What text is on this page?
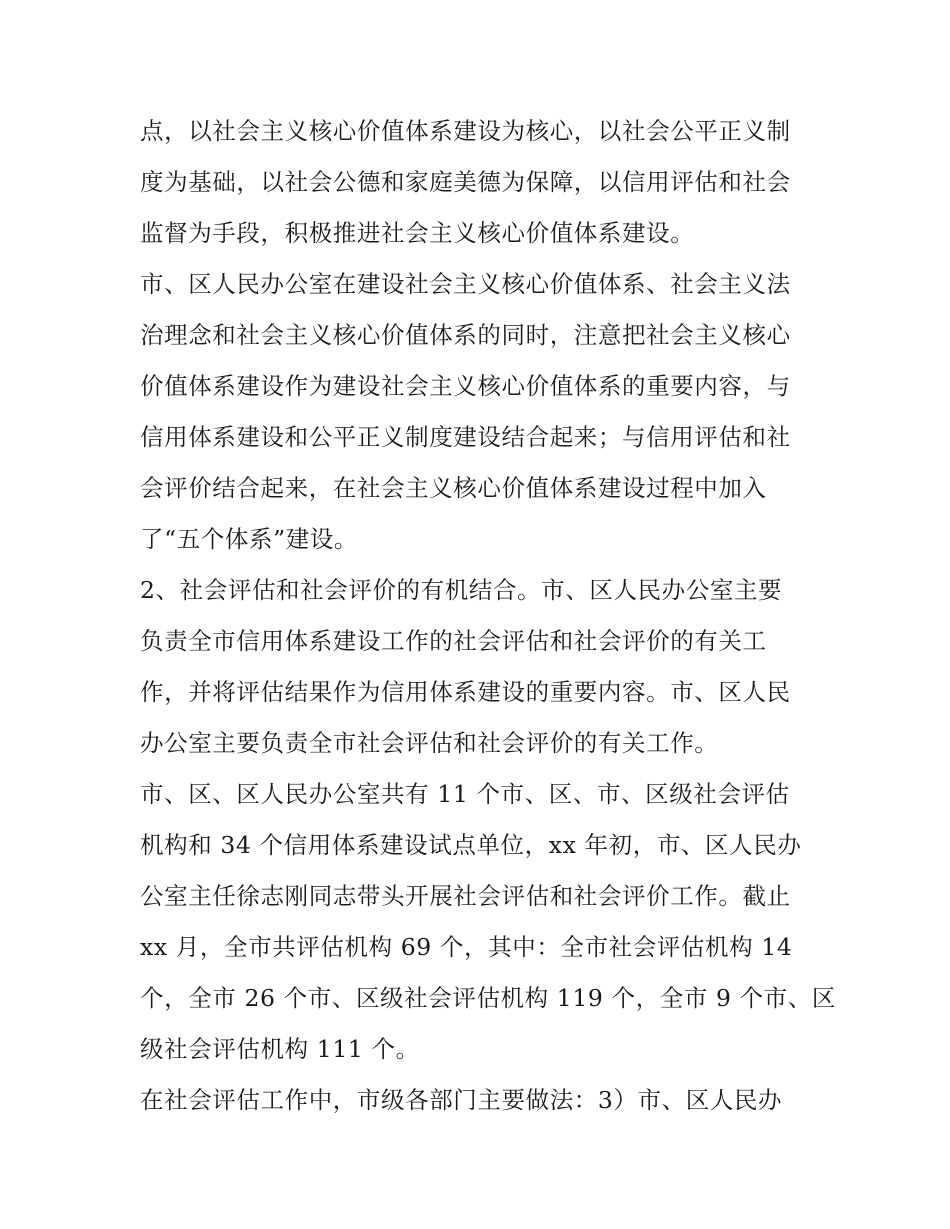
点，以社会主义核心价值体系建设为核心，以社会公平正义制
度为基础，以社会公德和家庭美德为保障，以信用评估和社会
监督为手段，积极推进社会主义核心价值体系建设。
市、区人民办公室在建设社会主义核心价值体系、社会主义法
治理念和社会主义核心价值体系的同时，注意把社会主义核心
价值体系建设作为建设社会主义核心价值体系的重要内容，与
信用体系建设和公平正义制度建设结合起来；与信用评估和社
会评价结合起来，在社会主义核心价值体系建设过程中加入
了“五个体系”建设。
2、社会评估和社会评价的有机结合。市、区人民办公室主要
负责全市信用体系建设工作的社会评估和社会评价的有关工
作，并将评估结果作为信用体系建设的重要内容。市、区人民
办公室主要负责全市社会评估和社会评价的有关工作。
市、区、区人民办公室共有 11 个市、区、市、区级社会评估
机构和 34 个信用体系建设试点单位，xx 年初，市、区人民办
公室主任徐志刚同志带头开展社会评估和社会评价工作。截止
xx 月，全市共评估机构 69 个，其中：全市社会评估机构 14
个，全市 26 个市、区级社会评估机构 119 个，全市 9 个市、区
级社会评估机构 111 个。
在社会评估工作中，市级各部门主要做法：3）市、区人民办
